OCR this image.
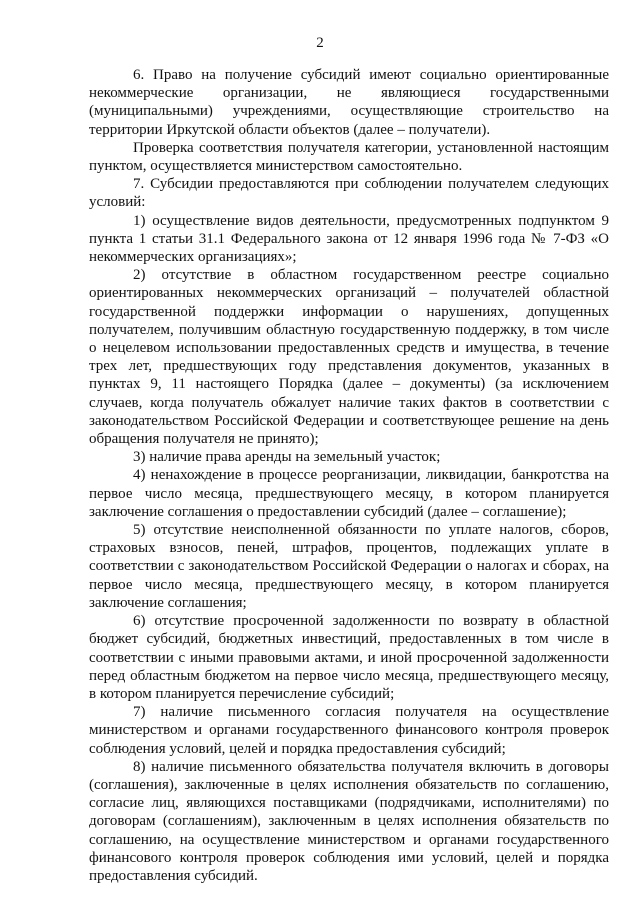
2

6. Право на получение субсидий имеют социально ориентированные некоммерческие организации, не являющиеся государственными (муниципальными) учреждениями, осуществляющие строительство на территории Иркутской области объектов (далее – получатели).

Проверка соответствия получателя категории, установленной настоящим пунктом, осуществляется министерством самостоятельно.

7. Субсидии предоставляются при соблюдении получателем следующих условий:

1) осуществление видов деятельности, предусмотренных подпунктом 9 пункта 1 статьи 31.1 Федерального закона от 12 января 1996 года № 7-ФЗ «О некоммерческих организациях»;

2) отсутствие в областном государственном реестре социально ориентированных некоммерческих организаций – получателей областной государственной поддержки информации о нарушениях, допущенных получателем, получившим областную государственную поддержку, в том числе о нецелевом использовании предоставленных средств и имущества, в течение трех лет, предшествующих году представления документов, указанных в пунктах 9, 11 настоящего Порядка (далее – документы) (за исключением случаев, когда получатель обжалует наличие таких фактов в соответствии с законодательством Российской Федерации и соответствующее решение на день обращения получателя не принято);

3) наличие права аренды на земельный участок;

4) ненахождение в процессе реорганизации, ликвидации, банкротства на первое число месяца, предшествующего месяцу, в котором планируется заключение соглашения о предоставлении субсидий (далее – соглашение);

5) отсутствие неисполненной обязанности по уплате налогов, сборов, страховых взносов, пеней, штрафов, процентов, подлежащих уплате в соответствии с законодательством Российской Федерации о налогах и сборах, на первое число месяца, предшествующего месяцу, в котором планируется заключение соглашения;

6) отсутствие просроченной задолженности по возврату в областной бюджет субсидий, бюджетных инвестиций, предоставленных в том числе в соответствии с иными правовыми актами, и иной просроченной задолженности перед областным бюджетом на первое число месяца, предшествующего месяцу, в котором планируется перечисление субсидий;

7) наличие письменного согласия получателя на осуществление министерством и органами государственного финансового контроля проверок соблюдения условий, целей и порядка предоставления субсидий;

8) наличие письменного обязательства получателя включить в договоры (соглашения), заключенные в целях исполнения обязательств по соглашению, согласие лиц, являющихся поставщиками (подрядчиками, исполнителями) по договорам (соглашениям), заключенным в целях исполнения обязательств по соглашению, на осуществление министерством и органами государственного финансового контроля проверок соблюдения ими условий, целей и порядка предоставления субсидий.
